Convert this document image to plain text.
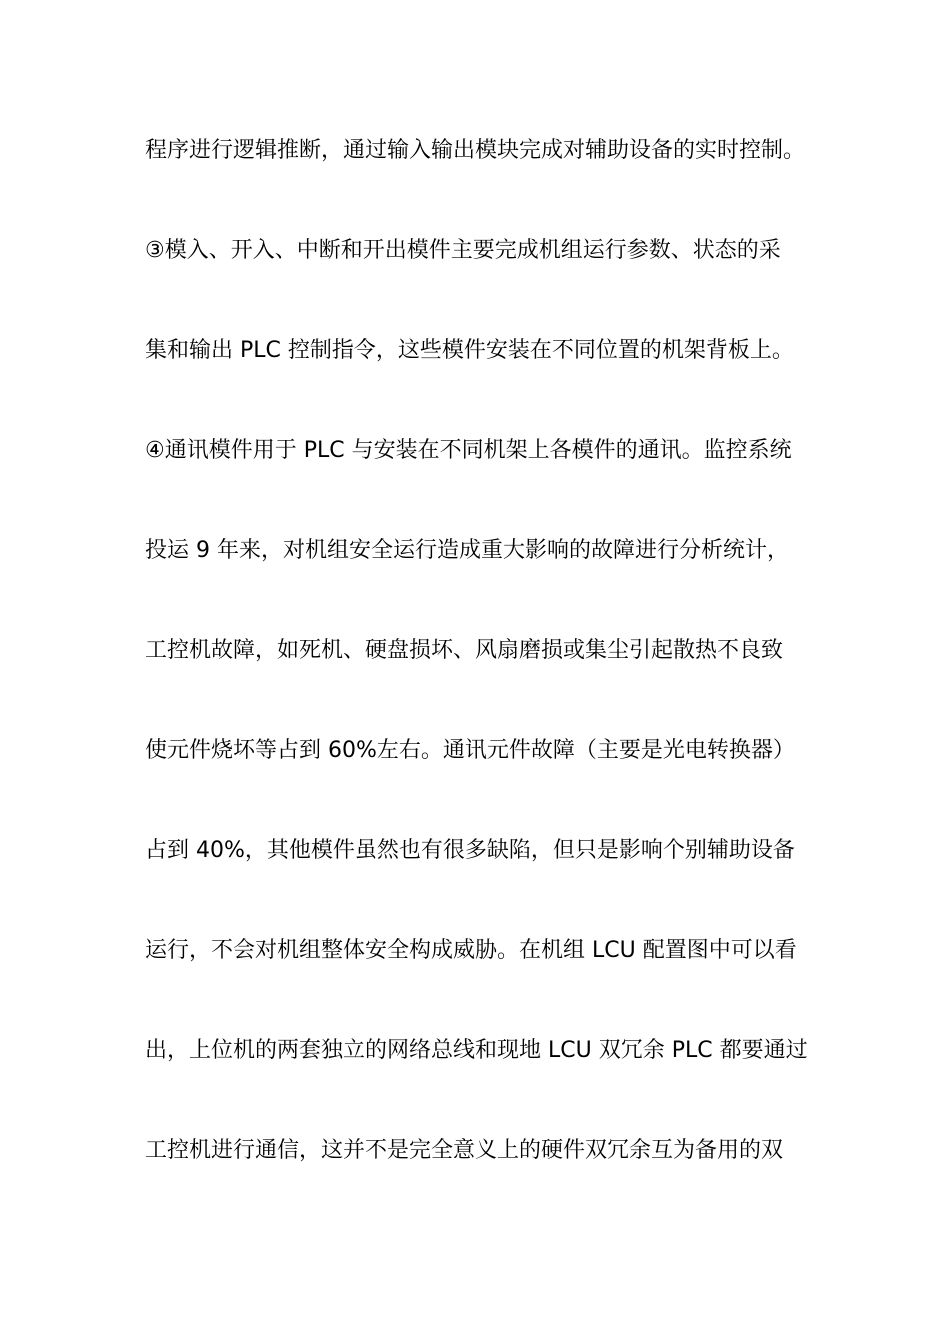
程序进行逻辑推断，通过输入输出模块完成对辅助设备的实时控制。
③模入、开入、中断和开出模件主要完成机组运行参数、状态的采
集和输出 PLC 控制指令，这些模件安装在不同位置的机架背板上。
④通讯模件用于 PLC 与安装在不同机架上各模件的通讯。监控系统
投运 9 年来，对机组安全运行造成重大影响的故障进行分析统计，
工控机故障，如死机、硬盘损坏、风扇磨损或集尘引起散热不良致
使元件烧坏等占到 60%左右。通讯元件故障（主要是光电转换器）
占到 40%，其他模件虽然也有很多缺陷，但只是影响个别辅助设备
运行，不会对机组整体安全构成威胁。在机组 LCU 配置图中可以看
出，上位机的两套独立的网络总线和现地 LCU 双冗余 PLC 都要通过
工控机进行通信，这并不是完全意义上的硬件双冗余互为备用的双
